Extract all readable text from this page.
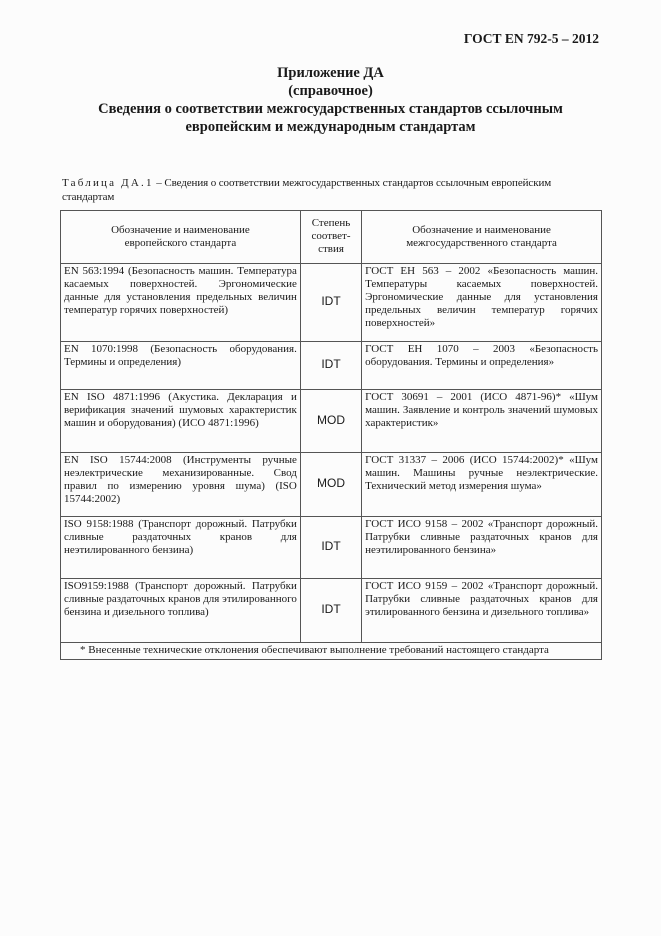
ГОСТ EN 792-5 – 2012
Приложение ДА
(справочное)
Сведения о соответствии межгосударственных стандартов ссылочным европейским и международным стандартам
Таблица ДА.1 – Сведения о соответствии межгосударственных стандартов ссылочным европейским стандартам
Обозначение и наименование европейского стандарта	Степень соответ-ствия	Обозначение и наименование межгосударственного стандарта
EN 563:1994 (Безопасность машин. Температура касаемых поверхностей. Эргономические данные для установления предельных величин температур горячих поверхностей)	IDT	ГОСТ ЕН 563 – 2002 «Безопасность машин. Температуры касаемых поверхностей. Эргономические данные для установления предельных величин температур горячих поверхностей»
EN 1070:1998 (Безопасность оборудования. Термины и определения)	IDT	ГОСТ ЕН 1070 – 2003 «Безопасность оборудования. Термины и определения»
EN ISO 4871:1996 (Акустика. Декларация и верификация значений шумовых характеристик машин и оборудования) (ИСО 4871:1996)	MOD	ГОСТ 30691 – 2001 (ИСО 4871-96)* «Шум машин. Заявление и контроль значений шумовых характеристик»
EN ISO 15744:2008 (Инструменты ручные неэлектрические механизированные. Свод правил по измерению уровня шума) (ISO 15744:2002)	MOD	ГОСТ 31337 – 2006 (ИСО 15744:2002)* «Шум машин. Машины ручные неэлектрические. Технический метод измерения шума»
ISO 9158:1988 (Транспорт дорожный. Патрубки сливные раздаточных кранов для неэтилированного бензина)	IDT	ГОСТ ИСО 9158 – 2002 «Транспорт дорожный. Патрубки сливные раздаточных кранов для неэтилированного бензина»
ISO9159:1988 (Транспорт дорожный. Патрубки сливные раздаточных кранов для этилированного бензина и дизельного топлива)	IDT	ГОСТ ИСО 9159 – 2002 «Транспорт дорожный. Патрубки сливные раздаточных кранов для этилированного бензина и дизельного топлива»
* Внесенные технические отклонения обеспечивают выполнение требований настоящего стандарта		
